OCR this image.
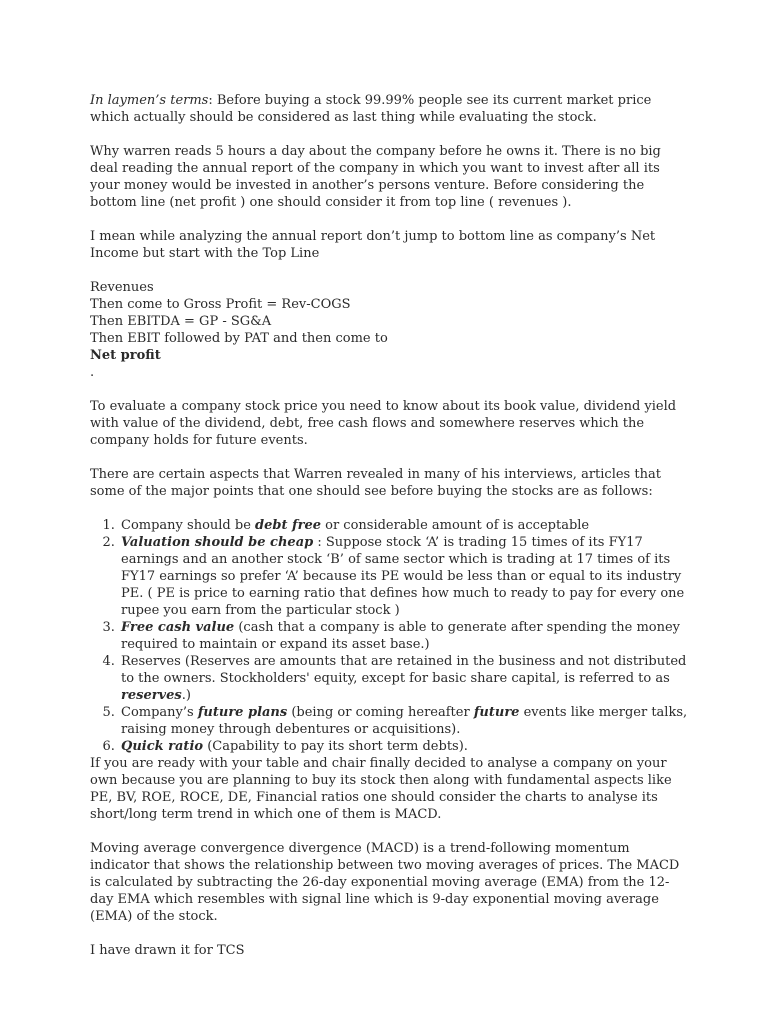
In laymen’s terms: Before buying a stock 99.99% people see its current market price which actually should be considered as last thing while evaluating the stock.

Why warren reads 5 hours a day about the company before he owns it. There is no big deal reading the annual report of the company in which you want to invest after all its your money would be invested in another’s persons venture. Before considering the bottom line (net profit ) one should consider it from top line ( revenues ).

I mean while analyzing the annual report don’t jump to bottom line as company’s Net Income but start with the Top Line

Revenues
Then come to Gross Profit = Rev-COGS
Then EBITDA = GP - SG&A
Then EBIT followed by PAT and then come to
Net profit
.

To evaluate a company stock price you need to know about its book value, dividend yield with value of the dividend, debt, free cash flows and somewhere reserves which the company holds for future events.

There are certain aspects that Warren revealed in many of his interviews, articles that some of the major points that one should see before buying the stocks are as follows:

1. Company should be debt free or considerable amount of is acceptable
2. Valuation should be cheap : Suppose stock ‘A’ is trading 15 times of its FY17 earnings and an another stock ‘B’ of same sector which is trading at 17 times of its FY17 earnings so prefer ‘A’ because its PE would be less than or equal to its industry PE. ( PE is price to earning ratio that defines how much to ready to pay for every one rupee you earn from the particular stock )
3. Free cash value (cash that a company is able to generate after spending the money required to maintain or expand its asset base.)
4. Reserves (Reserves are amounts that are retained in the business and not distributed to the owners. Stockholders' equity, except for basic share capital, is referred to as reserves.)
5. Company’s future plans (being or coming hereafter future events like merger talks, raising money through debentures or acquisitions).
6. Quick ratio (Capability to pay its short term debts).

If you are ready with your table and chair finally decided to analyse a company on your own because you are planning to buy its stock then along with fundamental aspects like PE, BV, ROE, ROCE, DE, Financial ratios one should consider the charts to analyse its short/long term trend in which one of them is MACD.

Moving average convergence divergence (MACD) is a trend-following momentum indicator that shows the relationship between two moving averages of prices. The MACD is calculated by subtracting the 26-day exponential moving average (EMA) from the 12-day EMA which resembles with signal line which is 9-day exponential moving average (EMA) of the stock.

I have drawn it for TCS
